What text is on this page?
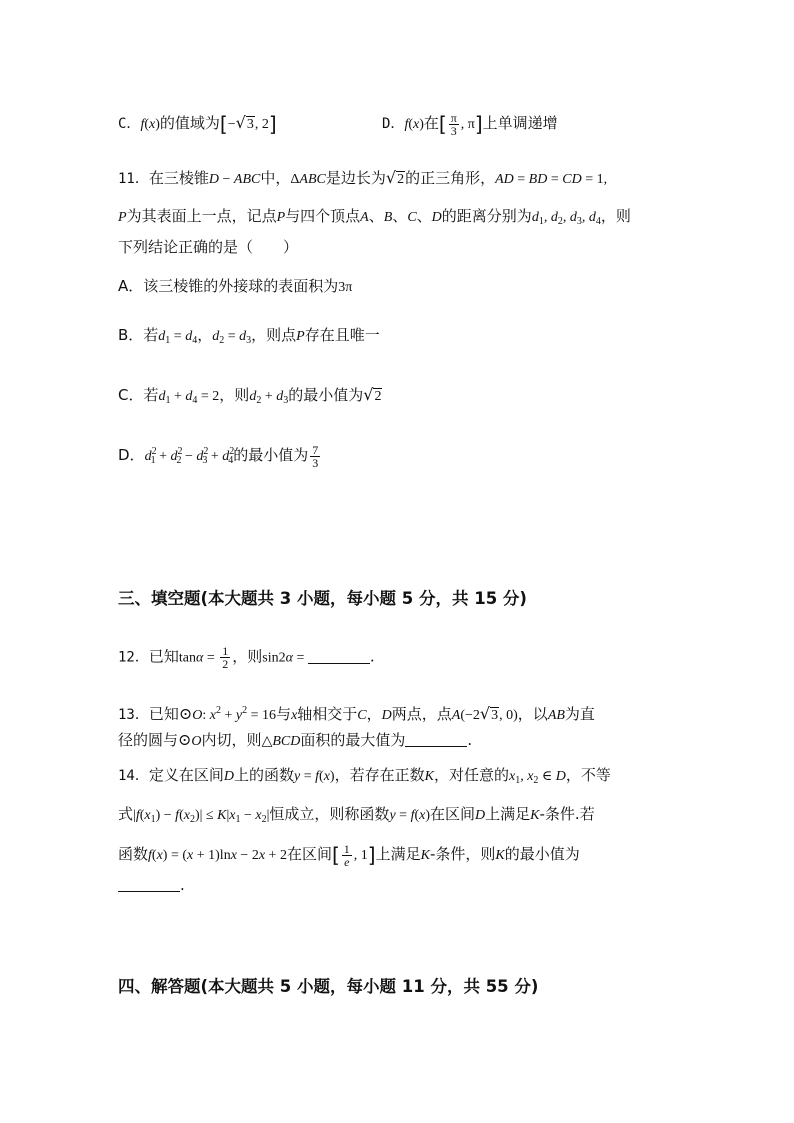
C．f(x)的值域为[−√3, 2]	D．f(x)在[ $\frac{\pi}{3}$ , π]上单调递增
11．在三棱锥D − ABC中，ΔABC是边长为√2的正三角形，AD = BD = CD = 1,
P为其表面上一点，记点P与四个顶点A、B、C、D的距离分别为$d_1$, $d_2$, $d_3$, $d_4$，则
下列结论正确的是（　　）
A．该三棱锥的外接球的表面积为3π
B．若$d_1 = d_4$，$d_2 = d_3$，则点P存在且唯一
C．若$d_1 + d_4 = 2$，则$d_2 + d_3$的最小值为√2
D．$d^2_1 + d^2_2 - d^2_3 + d^2_4$的最小值为 $\frac{7}{3}$
三、填空题(本大题共 3 小题，每小题 5 分，共 15 分)
12．已知$\tan\alpha = \frac{1}{2}$ ，则sin2α =	.
13．已知⊙O: $x^2 + y^2 = 16$与x轴相交于C，D两点，点A(−2√3, 0)，以AB为直
径的圆与⊙O内切，则△BCD面积的最大值为	.
14．定义在区间D上的函数y = f(x)，若存在正数K，对任意的$x_1$, $x_2$ ∈ D，不等
式$|f(x_1) - f(x_2)| \le K|x_1 - x_2|$恒成立，则称函数y = f(x)在区间D上满足K-条件.若
函数f(x) = (x + 1)lnx − 2x + 2在区间[ $\frac{1}{e}$ , 1]上满足K-条件，则K的最小值为
.
四、解答题(本大题共 5 小题，每小题 11 分，共 55 分)
